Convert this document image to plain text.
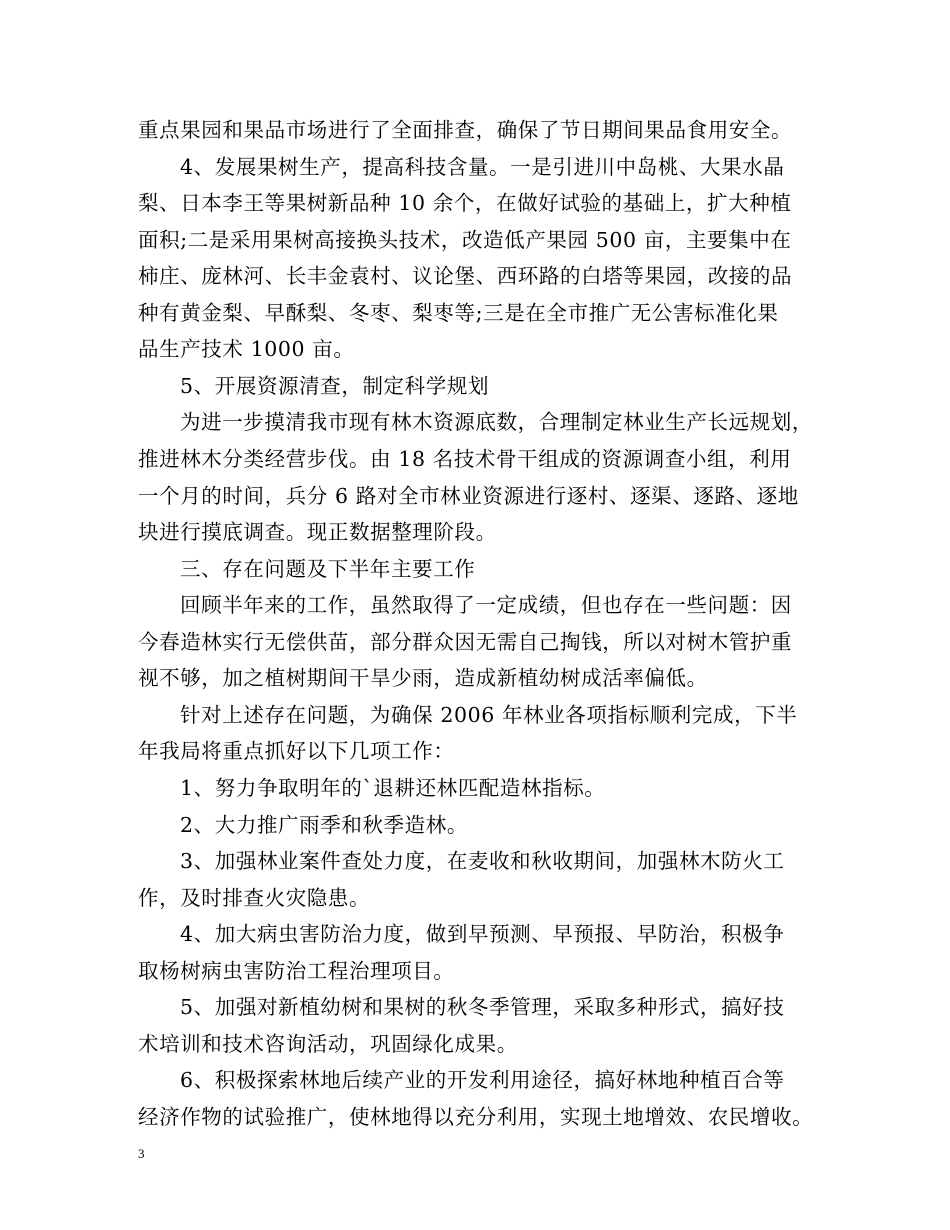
重点果园和果品市场进行了全面排查，确保了节日期间果品食用安全。
4、发展果树生产，提高科技含量。一是引进川中岛桃、大果水晶
梨、日本李王等果树新品种 10 余个，在做好试验的基础上，扩大种植
面积;二是采用果树高接换头技术，改造低产果园 500 亩，主要集中在
柿庄、庞林河、长丰金袁村、议论堡、西环路的白塔等果园，改接的品
种有黄金梨、早酥梨、冬枣、梨枣等;三是在全市推广无公害标准化果
品生产技术 1000 亩。
5、开展资源清查，制定科学规划
为进一步摸清我市现有林木资源底数，合理制定林业生产长远规划，
推进林木分类经营步伐。由 18 名技术骨干组成的资源调查小组，利用
一个月的时间，兵分 6 路对全市林业资源进行逐村、逐渠、逐路、逐地
块进行摸底调查。现正数据整理阶段。
三、存在问题及下半年主要工作
回顾半年来的工作，虽然取得了一定成绩，但也存在一些问题：因
今春造林实行无偿供苗，部分群众因无需自己掏钱，所以对树木管护重
视不够，加之植树期间干旱少雨，造成新植幼树成活率偏低。
针对上述存在问题，为确保 2006 年林业各项指标顺利完成，下半
年我局将重点抓好以下几项工作：
1、努力争取明年的`退耕还林匹配造林指标。
2、大力推广雨季和秋季造林。
3、加强林业案件查处力度，在麦收和秋收期间，加强林木防火工
作，及时排查火灾隐患。
4、加大病虫害防治力度，做到早预测、早预报、早防治，积极争
取杨树病虫害防治工程治理项目。
5、加强对新植幼树和果树的秋冬季管理，采取多种形式，搞好技
术培训和技术咨询活动，巩固绿化成果。
6、积极探索林地后续产业的开发利用途径，搞好林地种植百合等
经济作物的试验推广，使林地得以充分利用，实现土地增效、农民增收。
3
